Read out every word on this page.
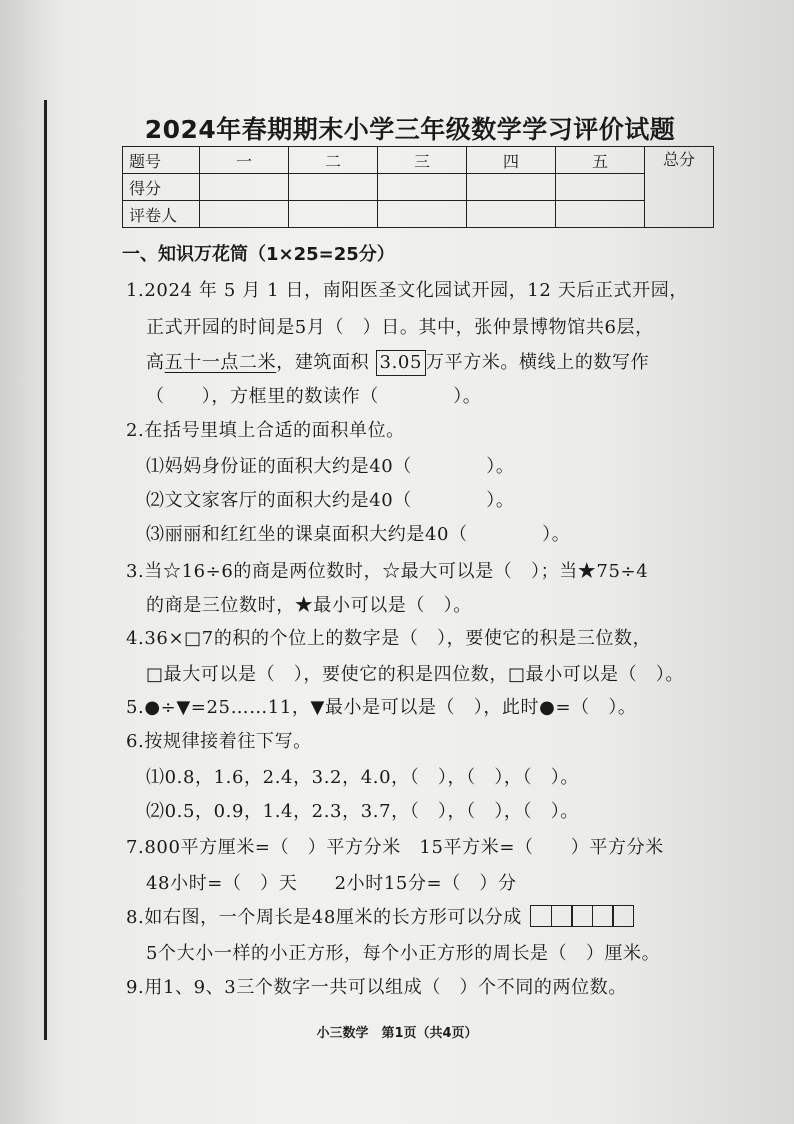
2024年春期期末小学三年级数学学习评价试题
题号	一	二	三	四	五	总分
得分						
评卷人						
一、知识万花筒（1×25=25分）
1.2024 年 5 月 1 日，南阳医圣文化园试开园，12 天后正式开园，
正式开园的时间是5月（　）日。其中，张仲景博物馆共6层，
高五十一点二米，建筑面积 3.05 万平方米。横线上的数写作
（　　），方框里的数读作（　　　　）。
2.在括号里填上合适的面积单位。
⑴妈妈身份证的面积大约是40（　　　　）。
⑵文文家客厅的面积大约是40（　　　　）。
⑶丽丽和红红坐的课桌面积大约是40（　　　　）。
3.当☆16÷6的商是两位数时，☆最大可以是（　）；当★75÷4
的商是三位数时，★最小可以是（　）。
4.36×□7的积的个位上的数字是（　），要使它的积是三位数，
□最大可以是（　），要使它的积是四位数，□最小可以是（　）。
5.●÷▼=25……11，▼最小是可以是（　），此时●=（　）。
6.按规律接着往下写。
⑴0.8，1.6，2.4，3.2，4.0，（　），（　），（　）。
⑵0.5，0.9，1.4，2.3，3.7，（　），（　），（　）。
7.800平方厘米=（　）平方分米　15平方米=（　　）平方分米
48小时=（　）天　　2小时15分=（　）分
8.如右图，一个周长是48厘米的长方形可以分成
5个大小一样的小正方形，每个小正方形的周长是（　）厘米。
9.用1、9、3三个数字一共可以组成（　）个不同的两位数。
小三数学　第1页（共4页）
